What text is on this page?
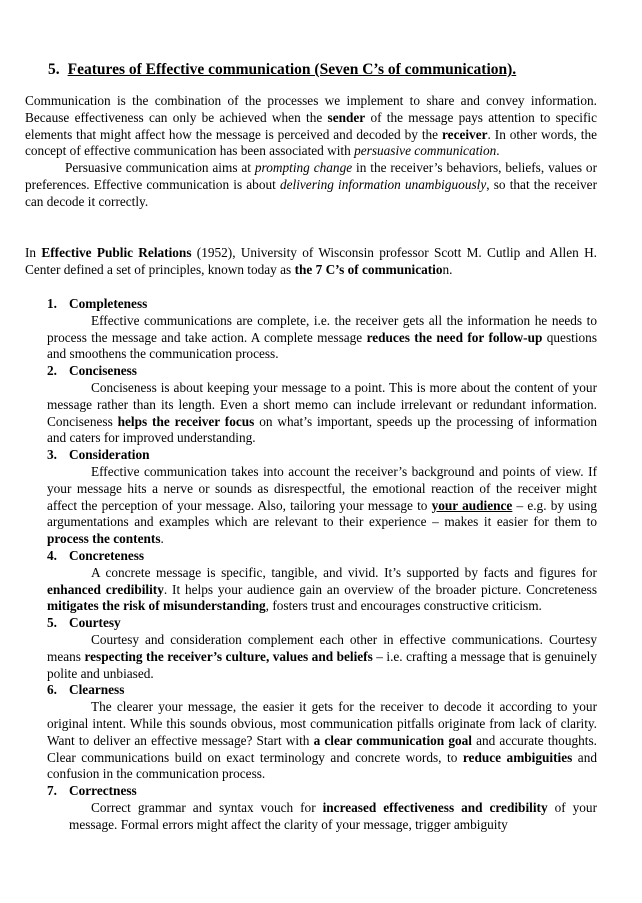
5. Features of Effective communication (Seven C’s of communication).

Communication is the combination of the processes we implement to share and convey information. Because effectiveness can only be achieved when the sender of the message pays attention to specific elements that might affect how the message is perceived and decoded by the receiver. In other words, the concept of effective communication has been associated with persuasive communication.

Persuasive communication aims at prompting change in the receiver’s behaviors, beliefs, values or preferences. Effective communication is about delivering information unambiguously, so that the receiver can decode it correctly.

In Effective Public Relations (1952), University of Wisconsin professor Scott M. Cutlip and Allen H. Center defined a set of principles, known today as the 7 C’s of communication.

1. Completeness

Effective communications are complete, i.e. the receiver gets all the information he needs to process the message and take action. A complete message reduces the need for follow-up questions and smoothens the communication process.

2. Conciseness

Conciseness is about keeping your message to a point. This is more about the content of your message rather than its length. Even a short memo can include irrelevant or redundant information. Conciseness helps the receiver focus on what’s important, speeds up the processing of information and caters for improved understanding.

3. Consideration

Effective communication takes into account the receiver’s background and points of view. If your message hits a nerve or sounds as disrespectful, the emotional reaction of the receiver might affect the perception of your message. Also, tailoring your message to your audience – e.g. by using argumentations and examples which are relevant to their experience – makes it easier for them to process the contents.

4. Concreteness

A concrete message is specific, tangible, and vivid. It’s supported by facts and figures for enhanced credibility. It helps your audience gain an overview of the broader picture. Concreteness mitigates the risk of misunderstanding, fosters trust and encourages constructive criticism.

5. Courtesy

Courtesy and consideration complement each other in effective communications. Courtesy means respecting the receiver’s culture, values and beliefs – i.e. crafting a message that is genuinely polite and unbiased.

6. Clearness

The clearer your message, the easier it gets for the receiver to decode it according to your original intent. While this sounds obvious, most communication pitfalls originate from lack of clarity. Want to deliver an effective message? Start with a clear communication goal and accurate thoughts. Clear communications build on exact terminology and concrete words, to reduce ambiguities and confusion in the communication process.

7. Correctness

Correct grammar and syntax vouch for increased effectiveness and credibility of your message. Formal errors might affect the clarity of your message, trigger ambiguity
